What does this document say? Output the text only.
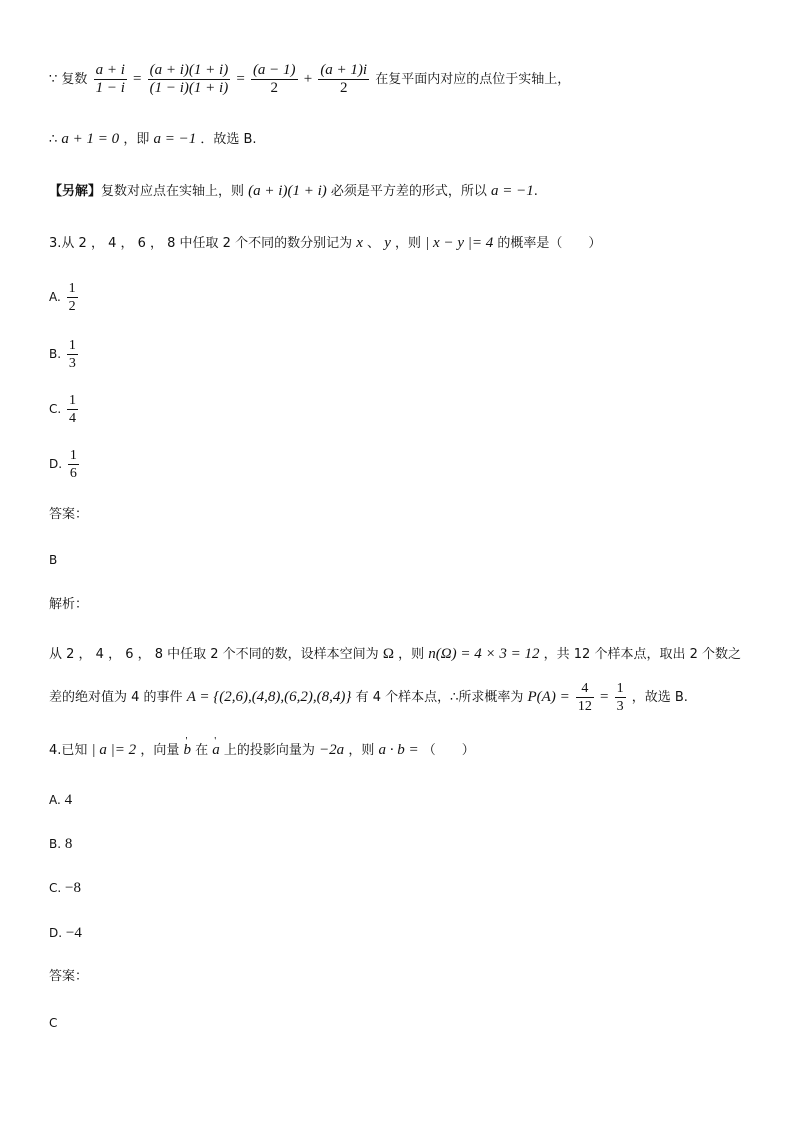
∵ 复数 $\frac{a + i}{1 - i} = \frac{(a + i)(1 + i)}{(1 - i)(1 + i)} = \frac{(a - 1)}{2} + \frac{(a + 1)i}{2}$ 在复平面内对应的点位于实轴上，
∴ a + 1 = 0 ，即 a = −1 ．故选 B.
【另解】复数对应点在实轴上，则 (a + i)(1 + i) 必须是平方差的形式，所以 a = −1.
3.从 2 ， 4 ， 6 ， 8 中任取 2 个不同的数分别记为 x 、 y ，则 | x − y |= 4 的概率是（　　）
A. $\frac{1}{2}$
B. $\frac{1}{3}$
C. $\frac{1}{4}$
D. $\frac{1}{6}$
答案：
B
解析：
从 2 ， 4 ， 6 ， 8 中任取 2 个不同的数，设样本空间为 Ω ，则 n(Ω) = 4 × 3 = 12 ，共 12 个样本点，取出 2 个数之
差的绝对值为 4 的事件 A = {(2,6),(4,8),(6,2),(8,4)} 有 4 个样本点，∴所求概率为 $P(A) = \frac{4}{12} = \frac{1}{3}$ ，故选 B.
4.已知 | a |= 2 ，向量 ' b 在 ' a 上的投影向量为 −2a ，则 a · b = （　　）
A. 4
B. 8
C. −8
D. −4
答案：
C
